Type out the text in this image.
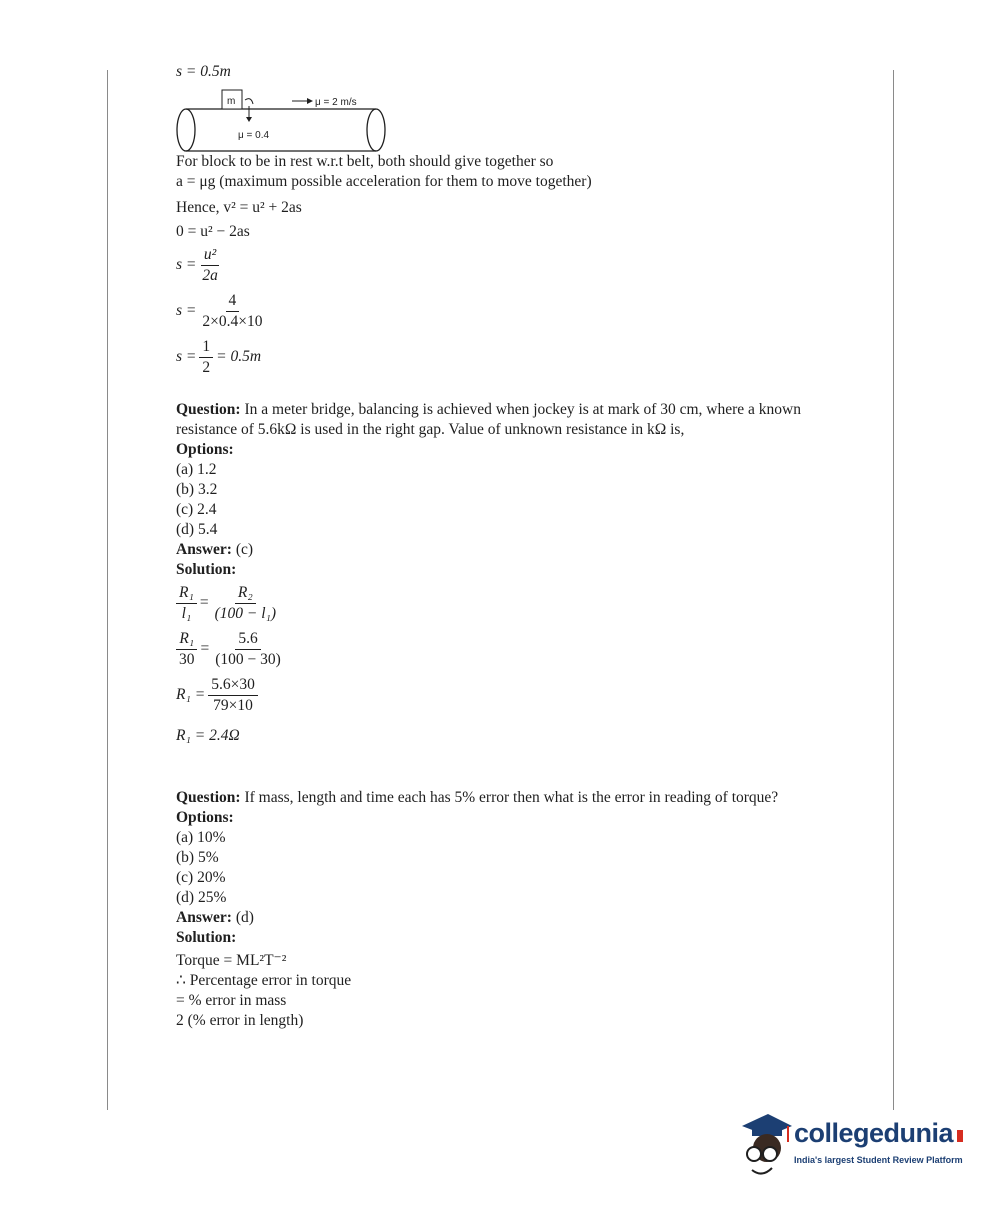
m
μ = 0.4
μ = 2 m/s
s = 0.5m
For block to be in rest w.r.t belt, both should give together so
a = μg (maximum possible acceleration for them to move together)
Hence, v² = u² + 2as
0 = u² − 2as
$s = \frac{\text{u²}}{2a}$
$s = \frac{4}{2\times 0.4\times 10}$
$s = \frac{1}{2} = 0.5m$
Question: In a meter bridge, balancing is achieved when jockey is at mark of 30 cm, where a known resistance of 5.6kΩ is used in the right gap. Value of unknown resistance in kΩ is,
Options:
(a) 1.2
(b) 3.2
(c) 2.4
(d) 5.4
Answer: (c)
Solution:
$\frac{\text{R₁}}{\text{l₁}} = \frac{\text{R₂}}{\text{(100 − l₁)}}$
$\frac{\text{R₁}}{30} = \frac{5.6}{(100 - 30)}$
$R_1 = \frac{5.6\times 30}{79\times 10}$
R₁ = 2.4Ω
Question: If mass, length and time each has 5% error then what is the error in reading of torque?
Options:
(a) 10%
(b) 5%
(c) 20%
(d) 25%
Answer: (d)
Solution:
Torque = ML²T⁻²
∴ Percentage error in torque
= % error in mass
2 (% error in length)
collegedunia
India's largest Student Review Platform
